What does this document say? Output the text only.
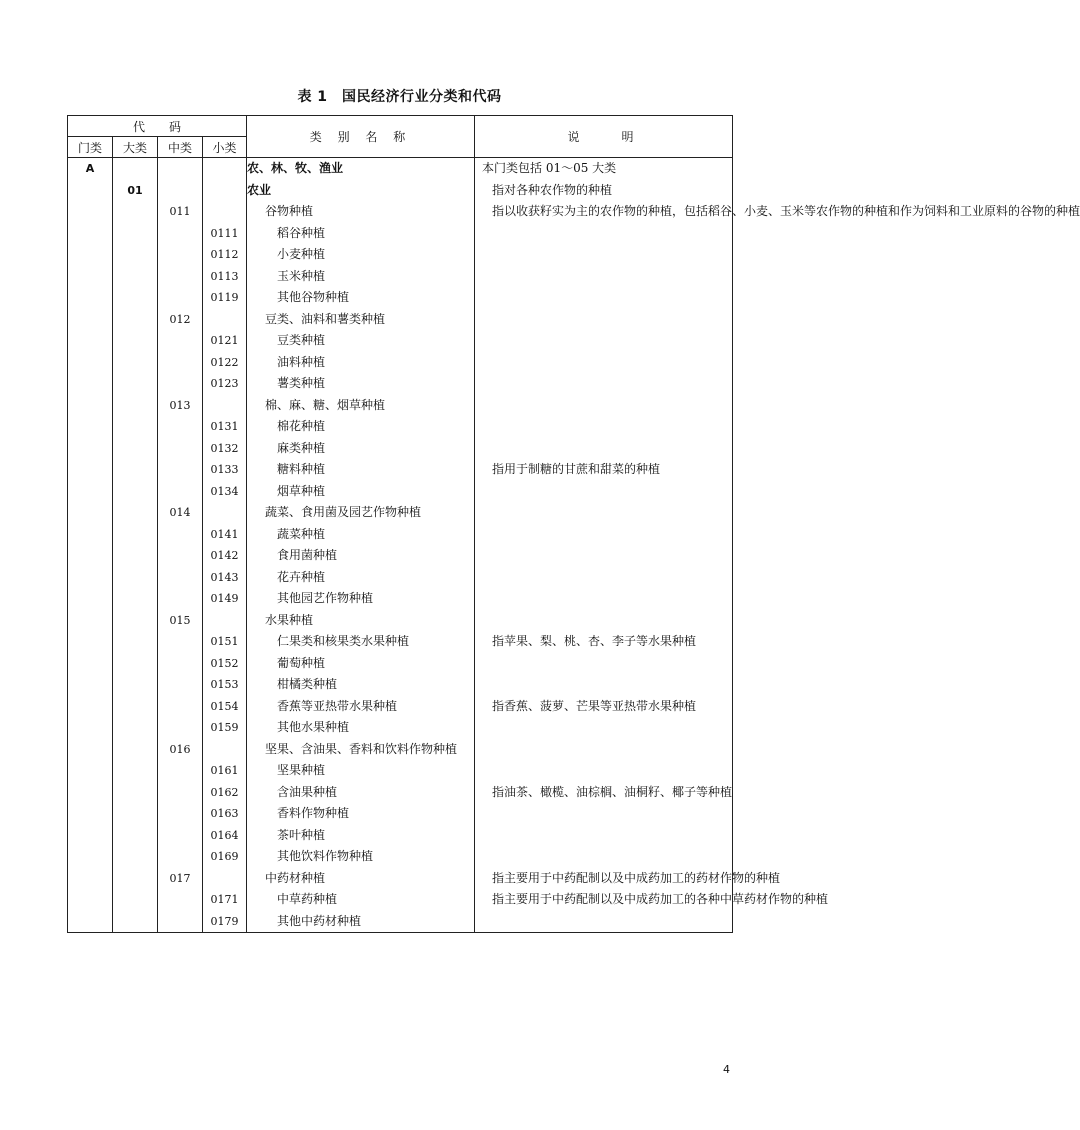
表 1　国民经济行业分类和代码
代　　码				类 别 名 称	说　　明
门类	大类	中类	小类		
A				农、林、牧、渔业	本门类包括 01～05 大类
	01			农业	指对各种农作物的种植
		011		谷物种植	指以收获籽实为主的农作物的种植，包括稻谷、小麦、玉米等农作物的种植和作为饲料和工业原料的谷物的种植
			0111	稻谷种植	
			0112	小麦种植	
			0113	玉米种植	
			0119	其他谷物种植	
		012		豆类、油料和薯类种植	
			0121	豆类种植	
			0122	油料种植	
			0123	薯类种植	
		013		棉、麻、糖、烟草种植	
			0131	棉花种植	
			0132	麻类种植	
			0133	糖料种植	指用于制糖的甘蔗和甜菜的种植
			0134	烟草种植	
		014		蔬菜、食用菌及园艺作物种植	
			0141	蔬菜种植	
			0142	食用菌种植	
			0143	花卉种植	
			0149	其他园艺作物种植	
		015		水果种植	
			0151	仁果类和核果类水果种植	指苹果、梨、桃、杏、李子等水果种植
			0152	葡萄种植	
			0153	柑橘类种植	
			0154	香蕉等亚热带水果种植	指香蕉、菠萝、芒果等亚热带水果种植
			0159	其他水果种植	
		016		坚果、含油果、香料和饮料作物种植	
			0161	坚果种植	
			0162	含油果种植	指油茶、橄榄、油棕榈、油桐籽、椰子等种植
			0163	香料作物种植	
			0164	茶叶种植	
			0169	其他饮料作物种植	
		017		中药材种植	指主要用于中药配制以及中成药加工的药材作物的种植
			0171	中草药种植	指主要用于中药配制以及中成药加工的各种中草药材作物的种植
			0179	其他中药材种植	
4
